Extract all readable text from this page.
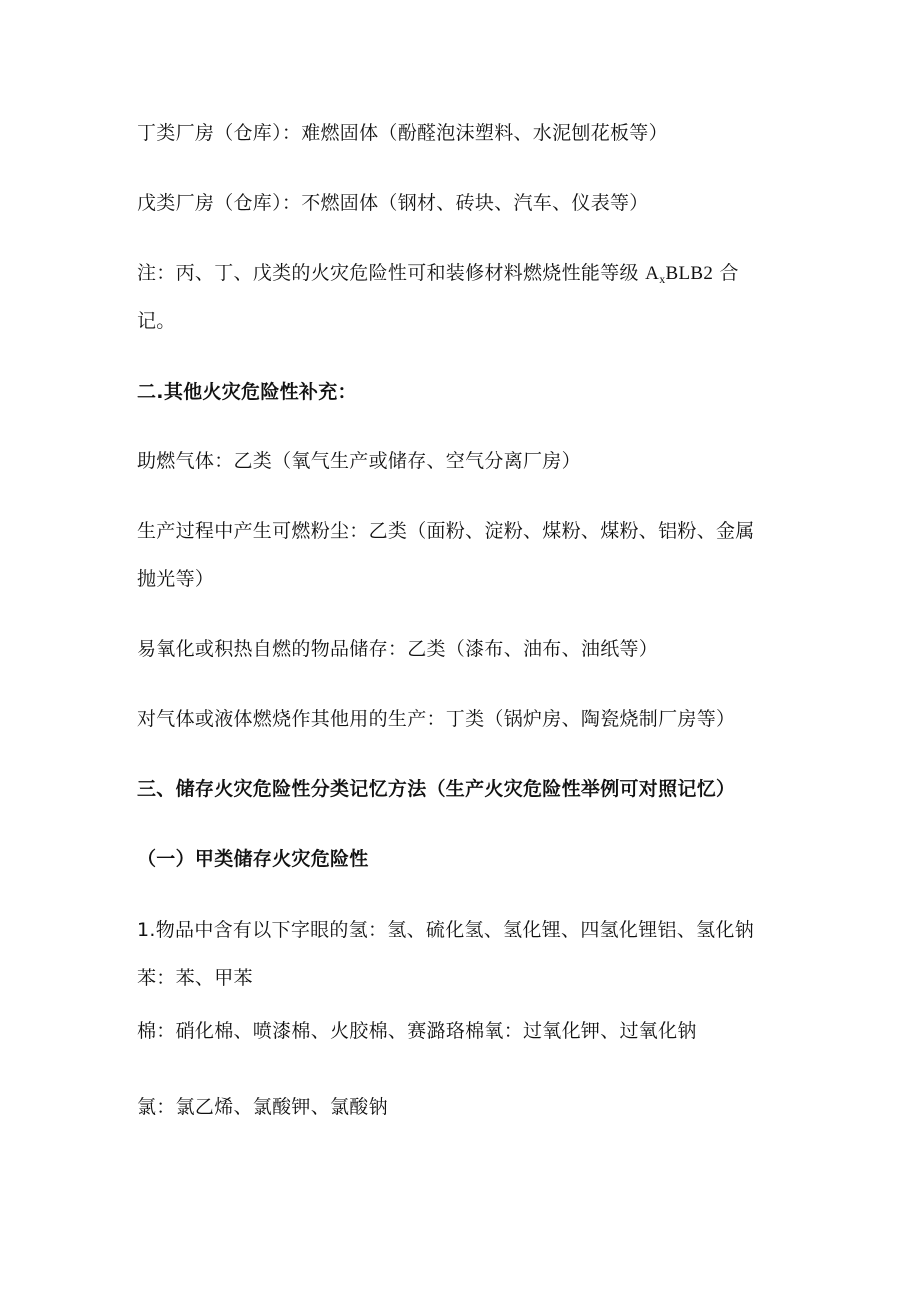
丁类厂房（仓库）：难燃固体（酚醛泡沫塑料、水泥刨花板等）
戊类厂房（仓库）：不燃固体（钢材、砖块、汽车、仪表等）
注：丙、丁、戊类的火灾危险性可和装修材料燃烧性能等级 $A_xBLB2$ 合
记。
二.其他火灾危险性补充：
助燃气体：乙类（氧气生产或储存、空气分离厂房）
生产过程中产生可燃粉尘：乙类（面粉、淀粉、煤粉、煤粉、铝粉、金属
抛光等）
易氧化或积热自燃的物品储存：乙类（漆布、油布、油纸等）
对气体或液体燃烧作其他用的生产：丁类（锅炉房、陶瓷烧制厂房等）
三、储存火灾危险性分类记忆方法（生产火灾危险性举例可对照记忆）
（一）甲类储存火灾危险性
1.物品中含有以下字眼的氢：氢、硫化氢、氢化锂、四氢化锂铝、氢化钠
苯：苯、甲苯
棉：硝化棉、喷漆棉、火胶棉、赛潞珞棉氧：过氧化钾、过氧化钠
氯：氯乙烯、氯酸钾、氯酸钠
